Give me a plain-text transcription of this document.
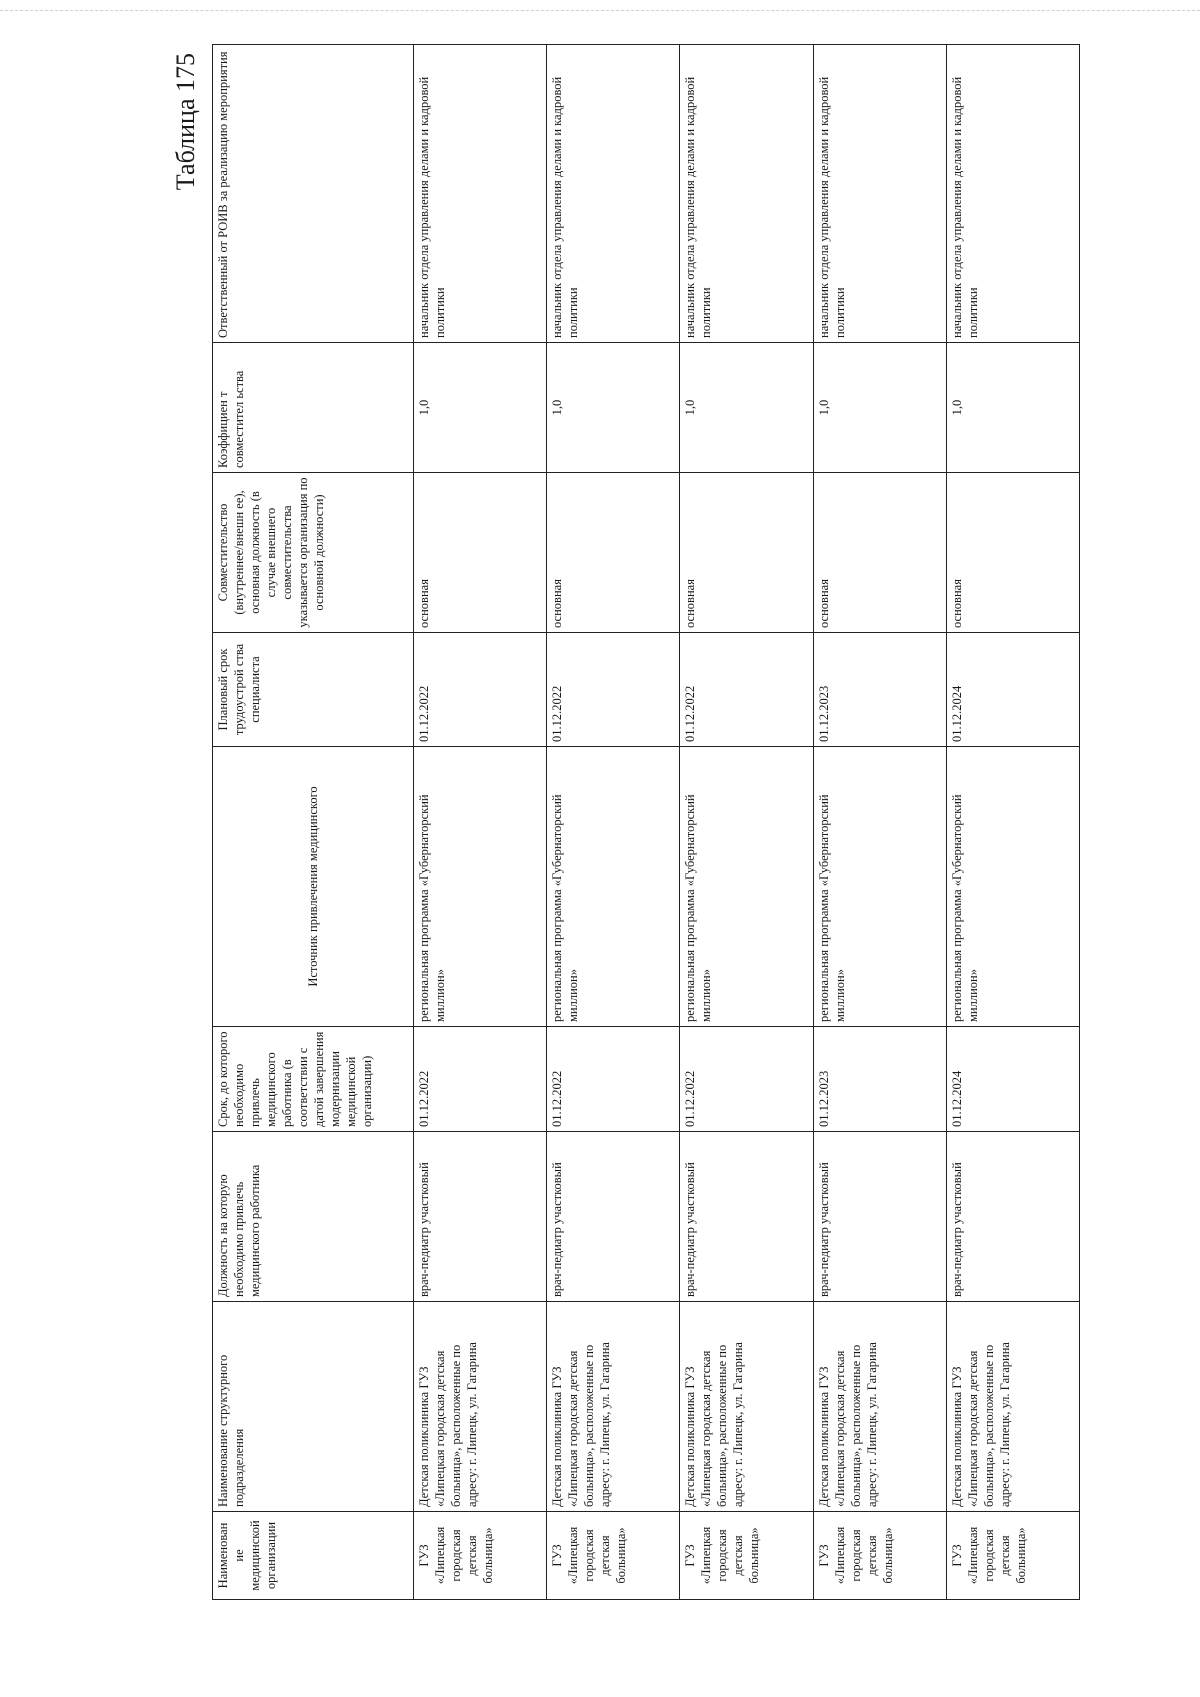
Таблица 175
Наименован ие медицинской организации	Наименование структурного подразделения	Должность на которую необходимо привлечь медицинского работника	Срок, до которого необходимо привлечь медицинского работника (в соответствии с датой завершения модернизации медицинской организации)	Источник привлечения медицинского	Плановый срок трудоустрой ства специалиста	Совместительство (внутреннее/внешн ее), основная должность (в случае внешнего совместительства указывается организация по основной должности)	Коэффициен т совместител ьства	Ответственный от РОИВ за реализацию мероприятия
ГУЗ «Липецкая городская детская больница»	Детская поликлиника ГУЗ «Липецкая городская детская больница», расположенные по адресу: г. Липецк, ул. Гагарина	врач-педиатр участковый	01.12.2022	региональная программа «Губернаторский миллион»	01.12.2022	основная	1,0	начальник отдела управления делами и кадровой политики
ГУЗ «Липецкая городская детская больница»	Детская поликлиника ГУЗ «Липецкая городская детская больница», расположенные по адресу: г. Липецк, ул. Гагарина	врач-педиатр участковый	01.12.2022	региональная программа «Губернаторский миллион»	01.12.2022	основная	1,0	начальник отдела управления делами и кадровой политики
ГУЗ «Липецкая городская детская больница»	Детская поликлиника ГУЗ «Липецкая городская детская больница», расположенные по адресу: г. Липецк, ул. Гагарина	врач-педиатр участковый	01.12.2022	региональная программа «Губернаторский миллион»	01.12.2022	основная	1,0	начальник отдела управления делами и кадровой политики
ГУЗ «Липецкая городская детская больница»	Детская поликлиника ГУЗ «Липецкая городская детская больница», расположенные по адресу: г. Липецк, ул. Гагарина	врач-педиатр участковый	01.12.2023	региональная программа «Губернаторский миллион»	01.12.2023	основная	1,0	начальник отдела управления делами и кадровой политики
ГУЗ «Липецкая городская детская больница»	Детская поликлиника ГУЗ «Липецкая городская детская больница», расположенные по адресу: г. Липецк, ул. Гагарина	врач-педиатр участковый	01.12.2024	региональная программа «Губернаторский миллион»	01.12.2024	основная	1,0	начальник отдела управления делами и кадровой политики
